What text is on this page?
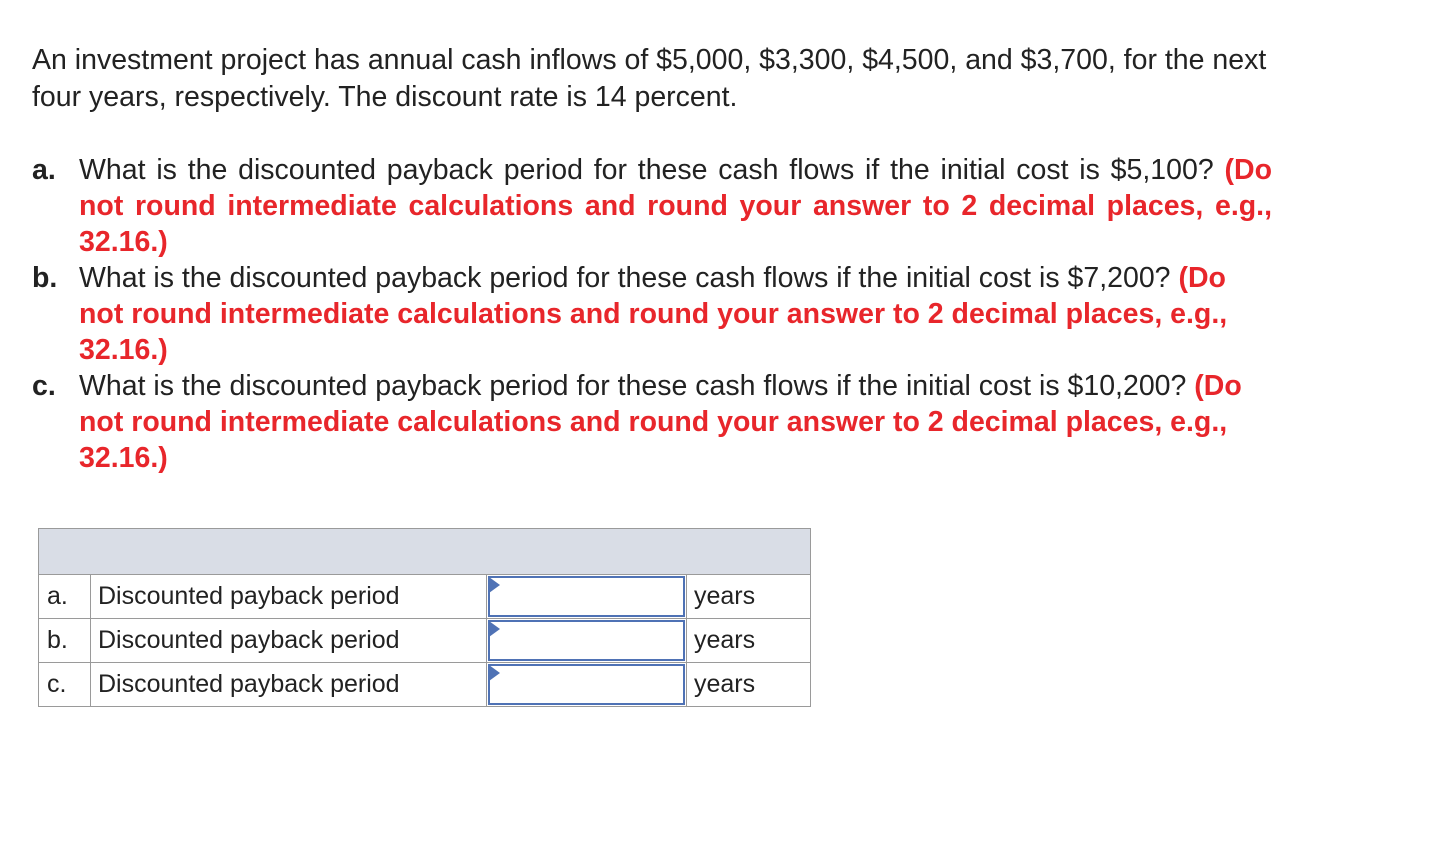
An investment project has annual cash inflows of $5,000, $3,300, $4,500, and $3,700, for the next four years, respectively. The discount rate is 14 percent.

a. What is the discounted payback period for these cash flows if the initial cost is $5,100? (Do not round intermediate calculations and round your answer to 2 decimal places, e.g., 32.16.)
b. What is the discounted payback period for these cash flows if the initial cost is $7,200? (Do not round intermediate calculations and round your answer to 2 decimal places, e.g., 32.16.)
c. What is the discounted payback period for these cash flows if the initial cost is $10,200? (Do not round intermediate calculations and round your answer to 2 decimal places, e.g., 32.16.)

a.	Discounted payback period		years
b.	Discounted payback period		years
c.	Discounted payback period		years
